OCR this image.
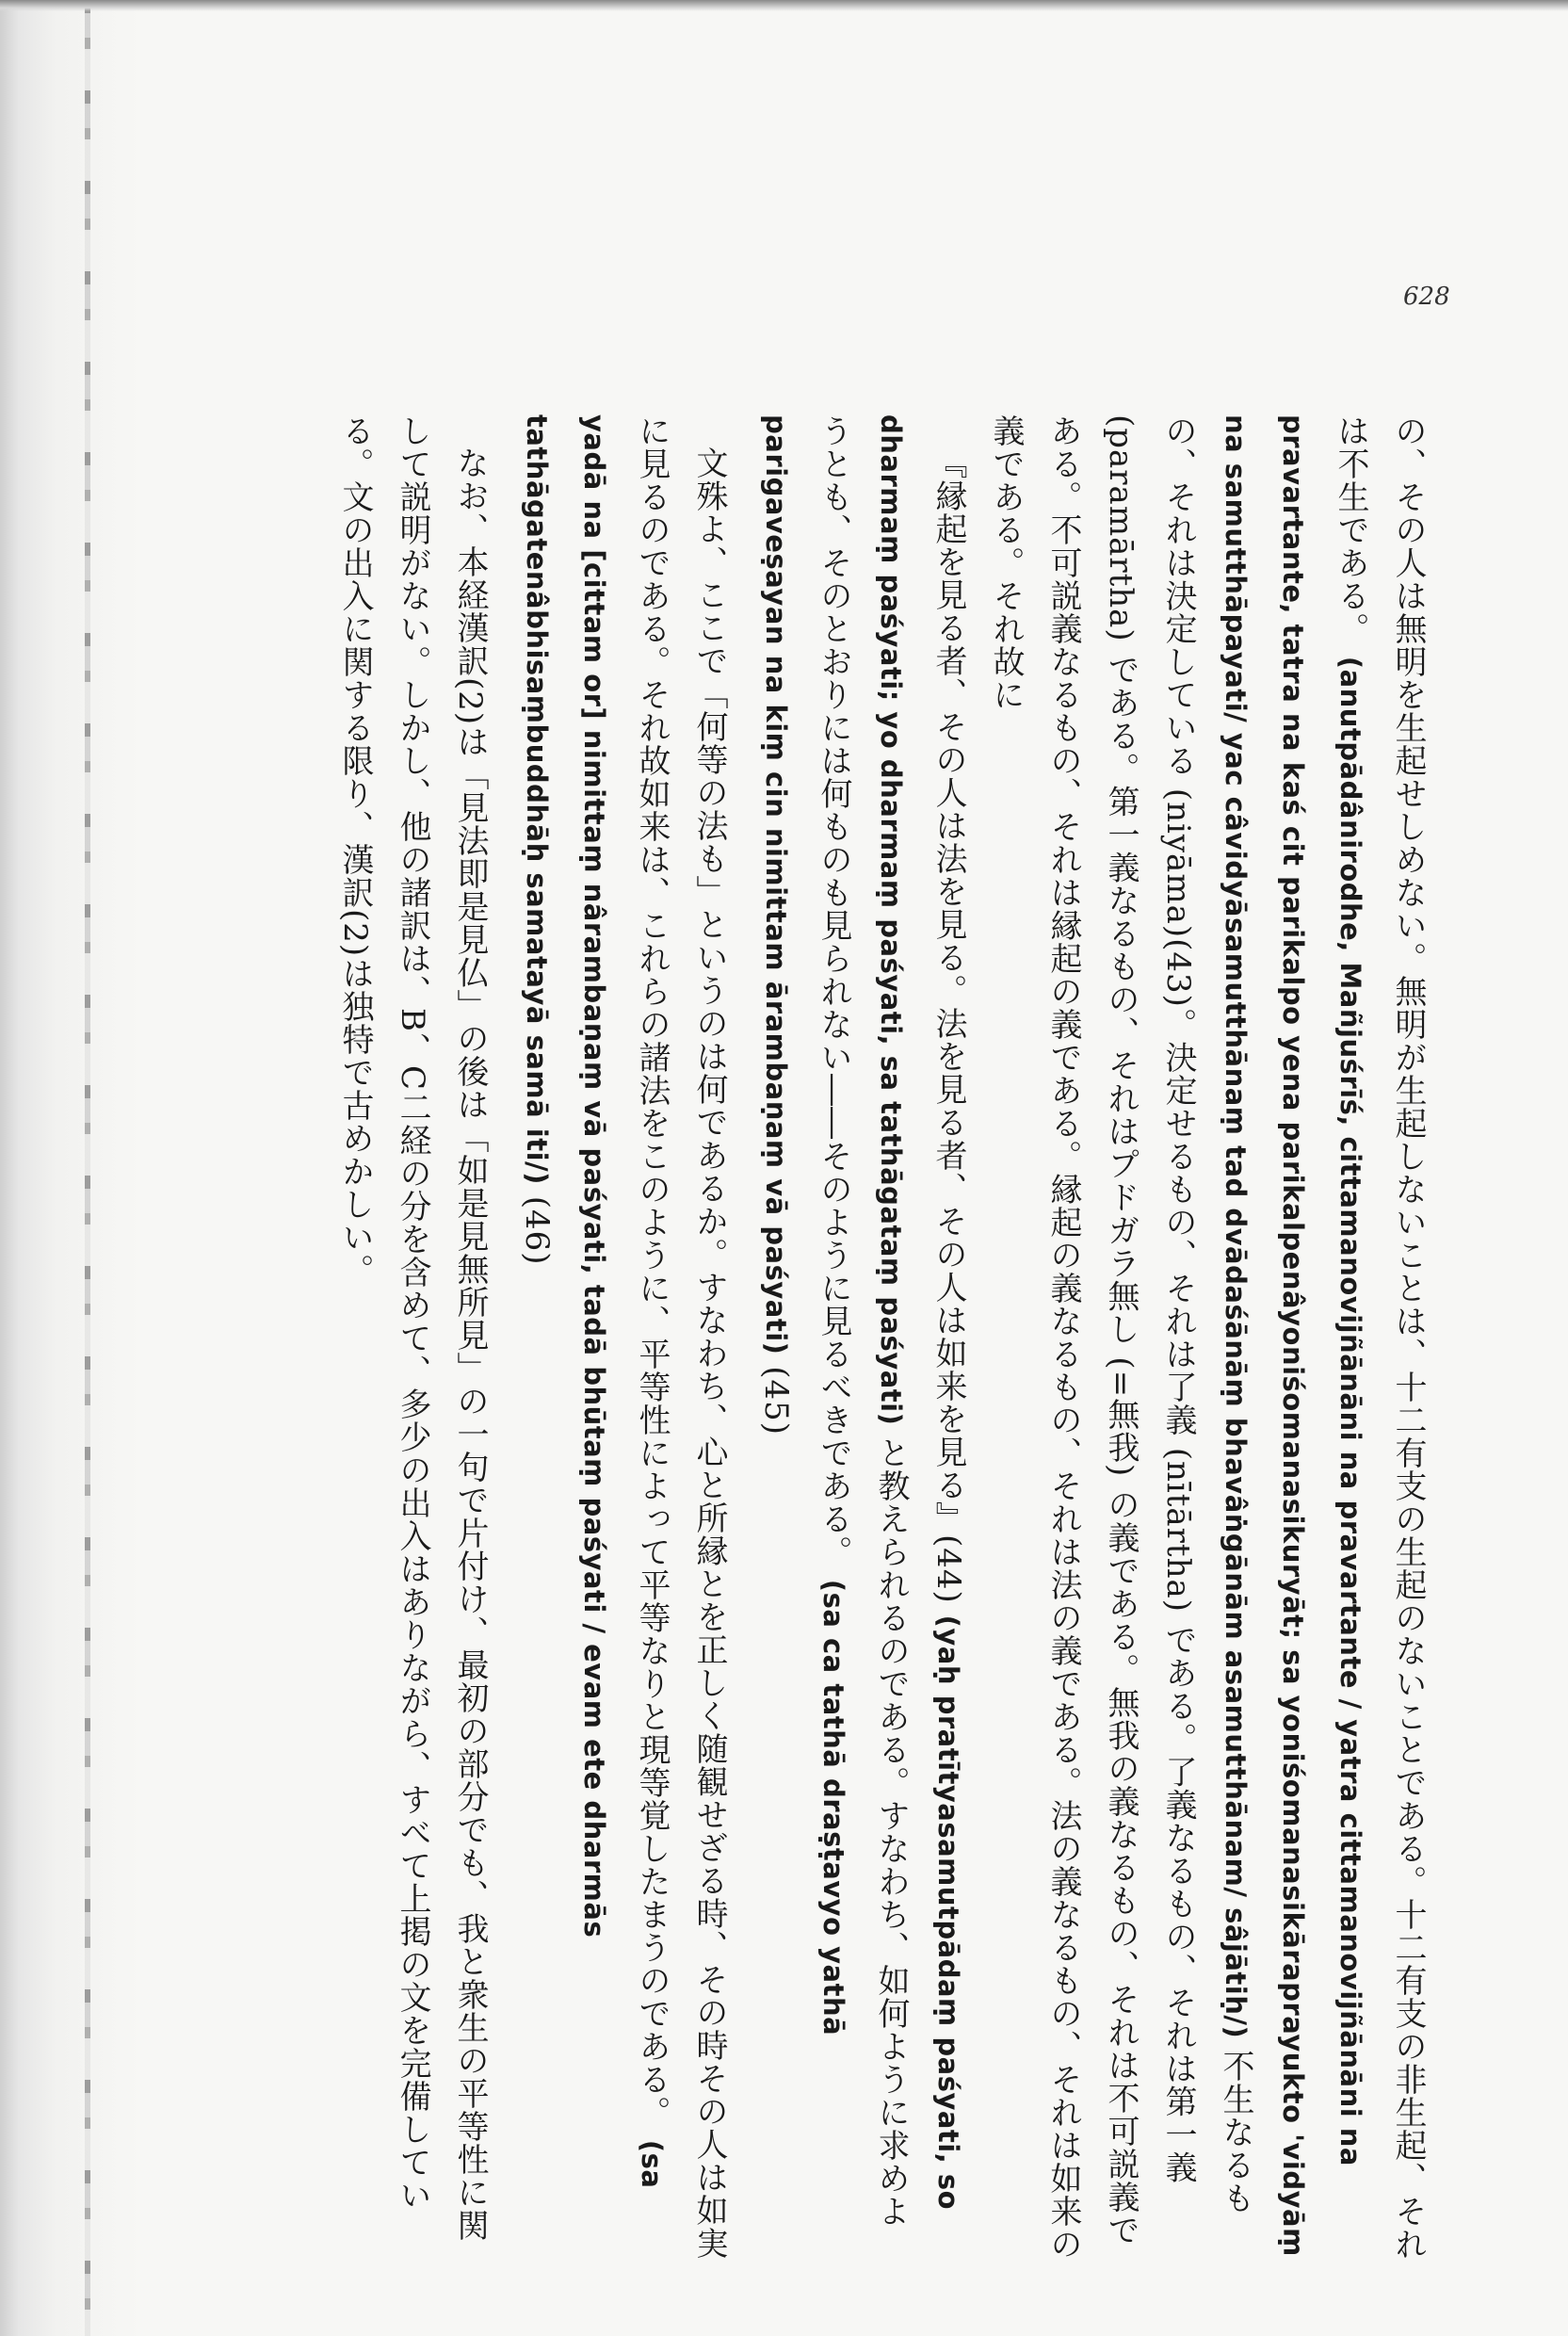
628

の、その人は無明を生起せしめない。無明が生起しないことは、十二有支の生起のないことである。十二有支の非生起、それは不生である。 (anutpādânirodhe, Mañjuśrīś, cittamanovijñānāni na pravartante / yatra cittamanovijñānāni na pravartante, tatra na kaś cit parikalpo yena parikalpenâyoniśomanasikuryāt; sa yoniśomanasikāraprayukto 'vidyāṃ na samutthāpayati/ yac câvidyāsamutthānaṃ tad dvādaśānāṃ bhavâṅgānām asamutthānam/ sâjātiḥ/) 不生なるもの、それは決定している (niyāma)(43)。決定せるもの、それは了義 (nītārtha) である。了義なるもの、それは第一義 (paramārtha) である。第一義なるもの、それはプドガラ無し (=無我) の義である。無我の義なるもの、それは不可説義である。不可説義なるもの、それは縁起の義である。縁起の義なるもの、それは法の義である。法の義なるもの、それは如来の義である。それ故に

『縁起を見る者、その人は法を見る。法を見る者、その人は如来を見る』(44) (yaḥ pratītyasamutpādaṃ paśyati, so dharmaṃ paśyati; yo dharmaṃ paśyati, sa tathāgataṃ paśyati) と教えられるのである。すなわち、如何ように求めようとも、そのとおりには何ものも見られない――そのように見るべきである。 (sa ca tathā draṣṭavyo yathā parigaveṣayan na kiṃ cin nimittam ārambaṇaṃ vā paśyati) (45)

文殊よ、ここで「何等の法も」というのは何であるか。すなわち、心と所縁とを正しく随観せざる時、その時その人は如実に見るのである。それ故如来は、これらの諸法をこのように、平等性によって平等なりと現等覚したまうのである。 (sa yadā na [cittam or] nimittaṃ nârambaṇaṃ vā paśyati, tadā bhūtaṃ paśyati / evam ete dharmās tathāgatenâbhisaṃbuddhāḥ samatayā samā iti/) (46)

なお、本経漢訳(2)は「見法即是見仏」の後は「如是見無所見」の一句で片付け、最初の部分でも、我と衆生の平等性に関して説明がない。しかし、他の諸訳は、B、C二経の分を含めて、多少の出入はありながら、すべて上掲の文を完備している。文の出入に関する限り、漢訳(2)は独特で古めかしい。
